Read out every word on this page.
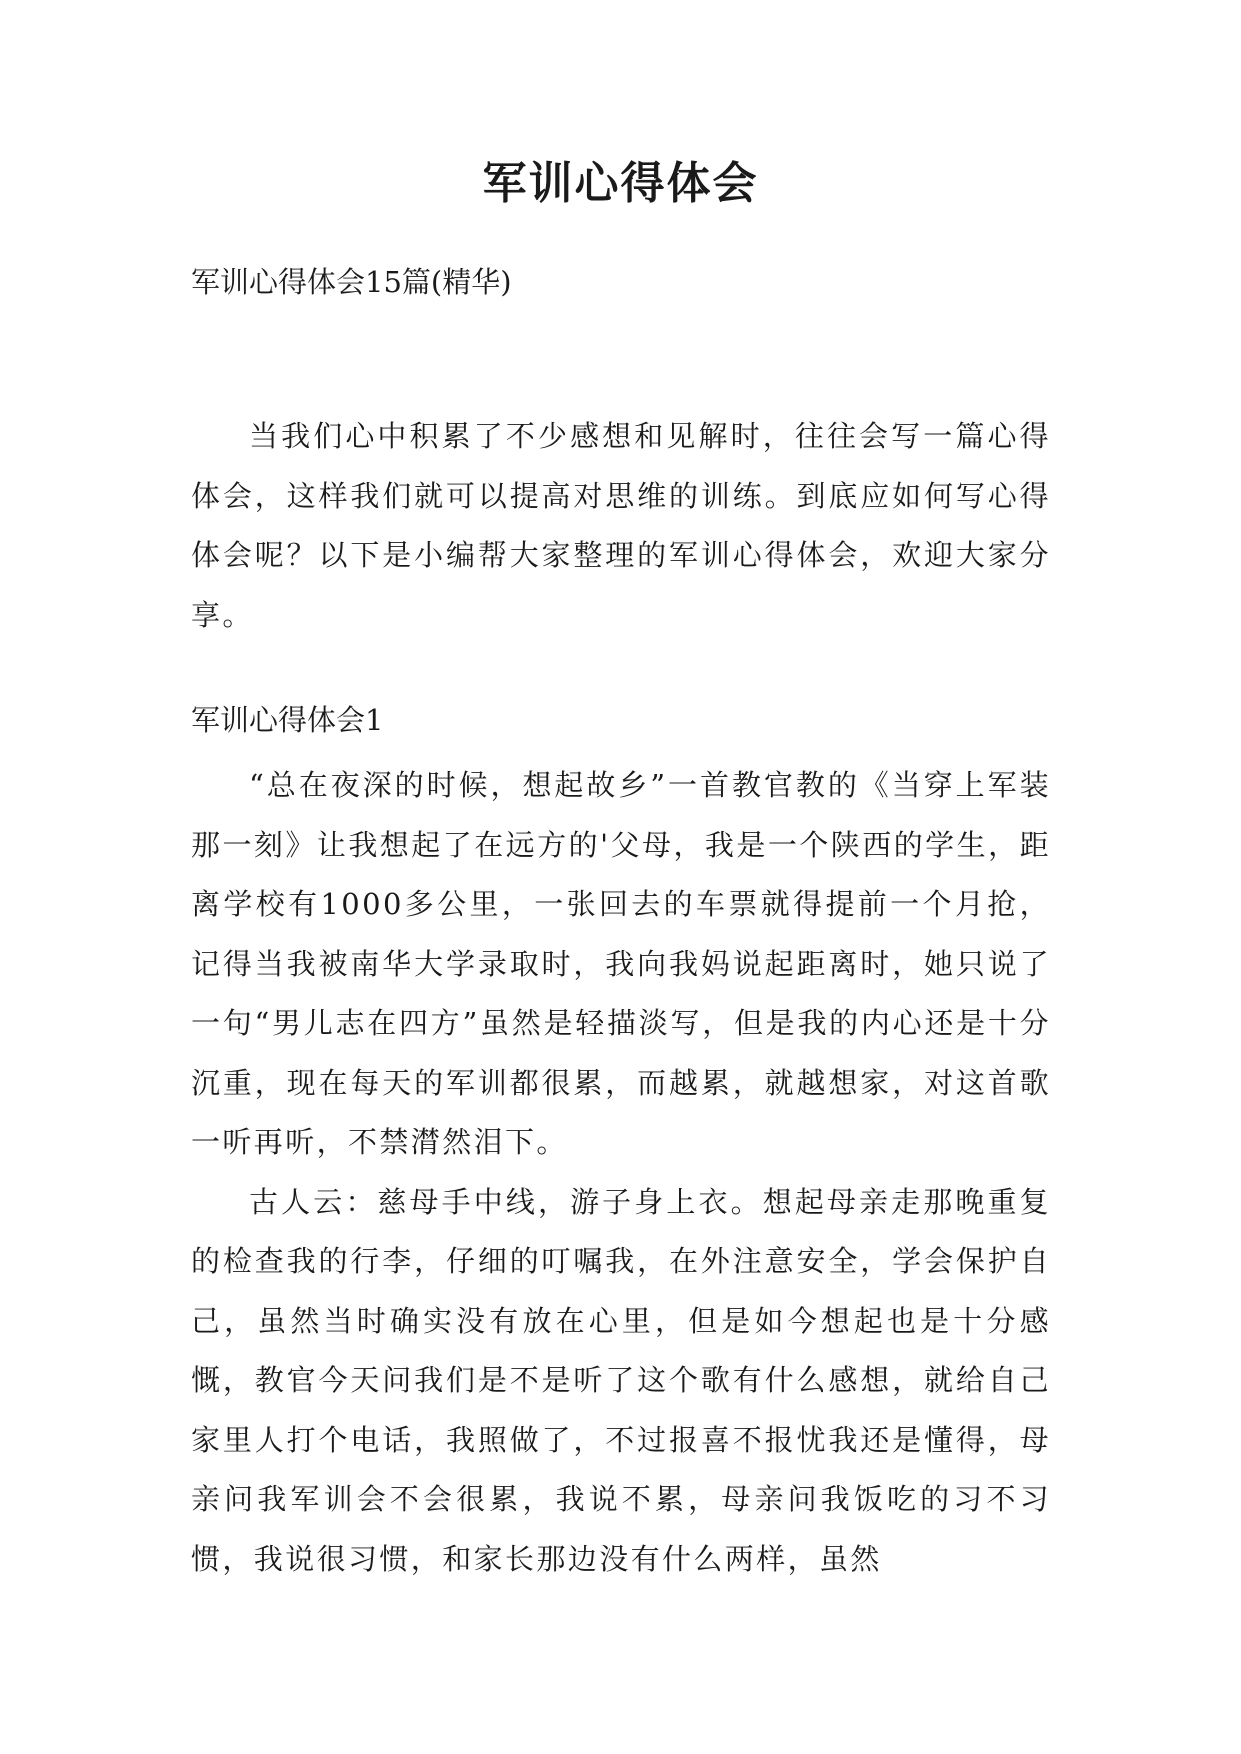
军训心得体会
军训心得体会15篇(精华)

当我们心中积累了不少感想和见解时，往往会写一篇心得体会，这样我们就可以提高对思维的训练。到底应如何写心得体会呢？以下是小编帮大家整理的军训心得体会，欢迎大家分享。

军训心得体会1

“总在夜深的时候，想起故乡”一首教官教的《当穿上军装那一刻》让我想起了在远方的'父母，我是一个陕西的学生，距离学校有1000多公里，一张回去的车票就得提前一个月抢，记得当我被南华大学录取时，我向我妈说起距离时，她只说了一句“男儿志在四方”虽然是轻描淡写，但是我的内心还是十分沉重，现在每天的军训都很累，而越累，就越想家，对这首歌一听再听，不禁潸然泪下。

古人云：慈母手中线，游子身上衣。想起母亲走那晚重复的检查我的行李，仔细的叮嘱我，在外注意安全，学会保护自己，虽然当时确实没有放在心里，但是如今想起也是十分感慨，教官今天问我们是不是听了这个歌有什么感想，就给自己家里人打个电话，我照做了，不过报喜不报忧我还是懂得，母亲问我军训会不会很累，我说不累，母亲问我饭吃的习不习惯，我说很习惯，和家长那边没有什么两样，虽然
